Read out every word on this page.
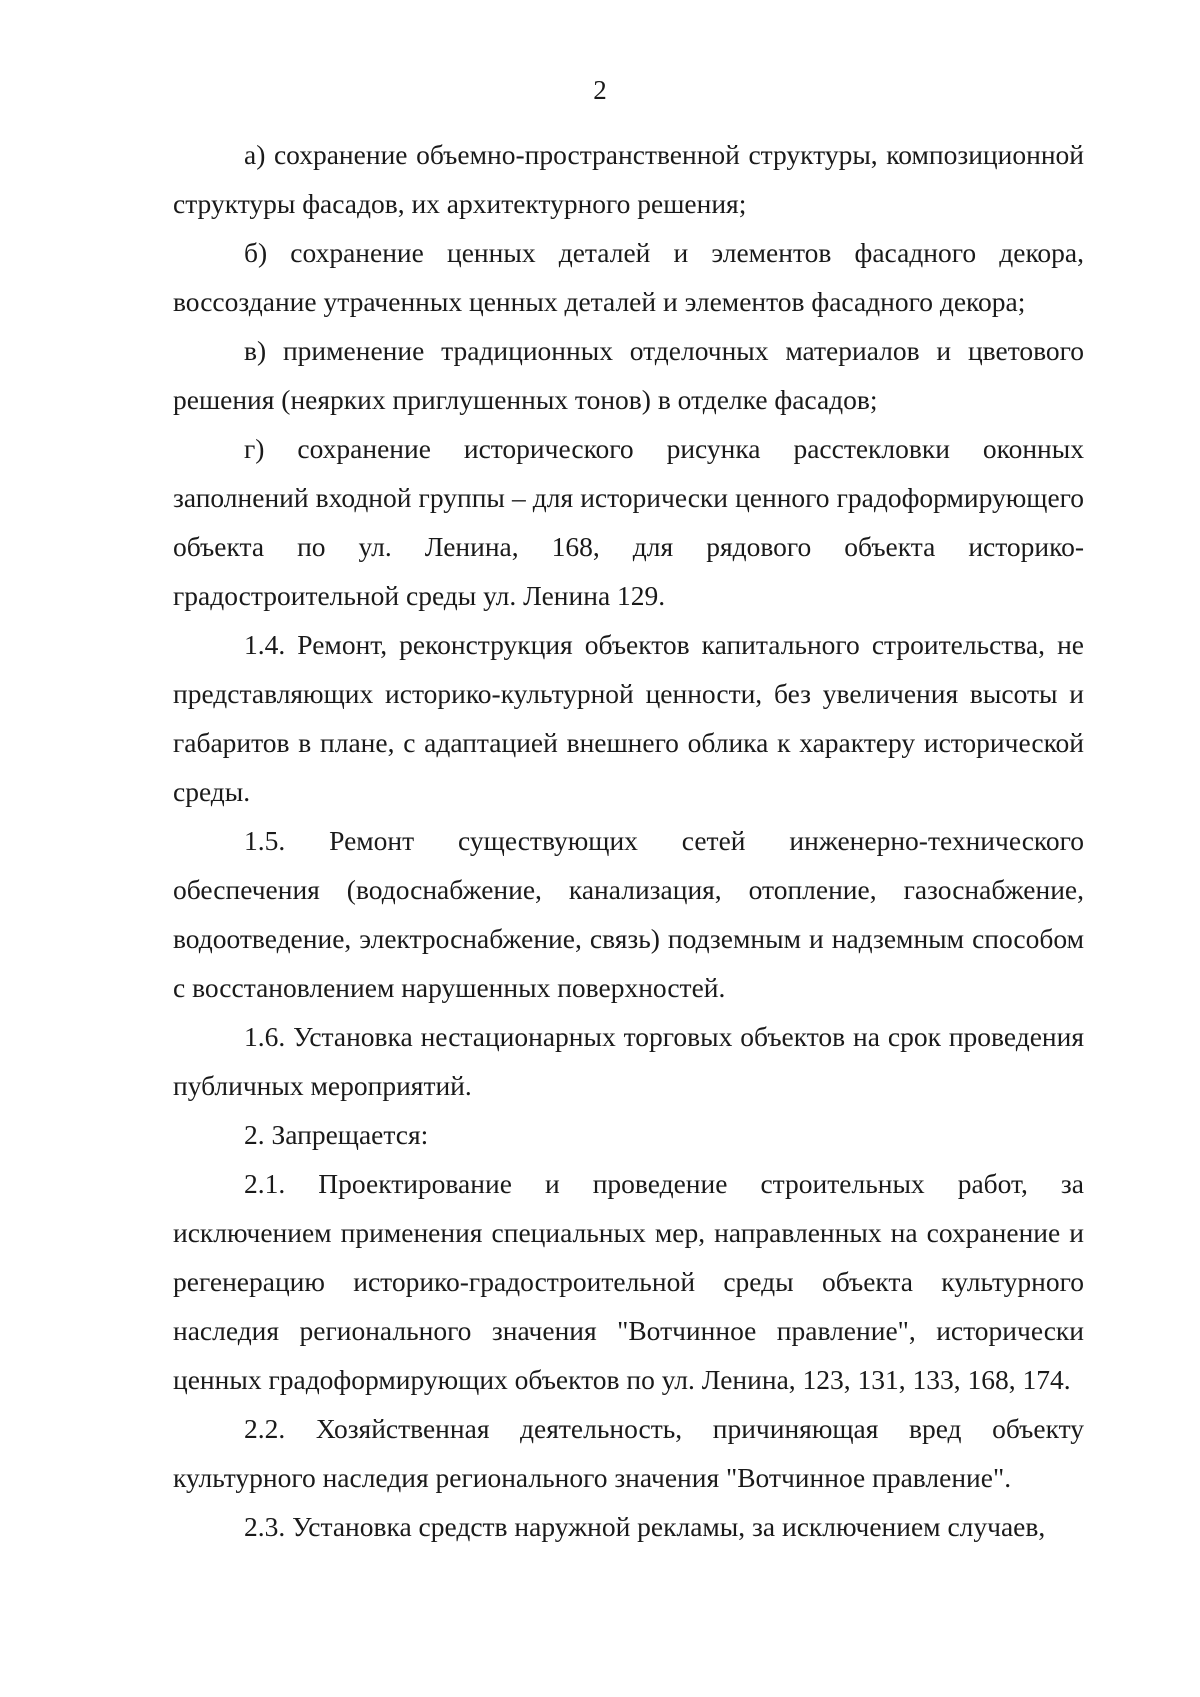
2

а) сохранение объемно-пространственной структуры, композиционной структуры фасадов, их архитектурного решения;

б) сохранение ценных деталей и элементов фасадного декора, воссоздание утраченных ценных деталей и элементов фасадного декора;

в) применение традиционных отделочных материалов и цветового решения (неярких приглушенных тонов) в отделке фасадов;

г) сохранение исторического рисунка расстекловки оконных заполнений входной группы – для исторически ценного градоформирующего объекта по ул. Ленина, 168, для рядового объекта историко-градостроительной среды ул. Ленина 129.

1.4. Ремонт, реконструкция объектов капитального строительства, не представляющих историко-культурной ценности, без увеличения высоты и габаритов в плане, с адаптацией внешнего облика к характеру исторической среды.

1.5. Ремонт существующих сетей инженерно-технического обеспечения (водоснабжение, канализация, отопление, газоснабжение, водоотведение, электроснабжение, связь) подземным и надземным способом с восстановлением нарушенных поверхностей.

1.6. Установка нестационарных торговых объектов на срок проведения публичных мероприятий.

2. Запрещается:

2.1. Проектирование и проведение строительных работ, за исключением применения специальных мер, направленных на сохранение и регенерацию историко-градостроительной среды объекта культурного наследия регионального значения "Вотчинное правление", исторически ценных градоформирующих объектов по ул. Ленина, 123, 131, 133, 168, 174.

2.2. Хозяйственная деятельность, причиняющая вред объекту культурного наследия регионального значения "Вотчинное правление".

2.3. Установка средств наружной рекламы, за исключением случаев,
